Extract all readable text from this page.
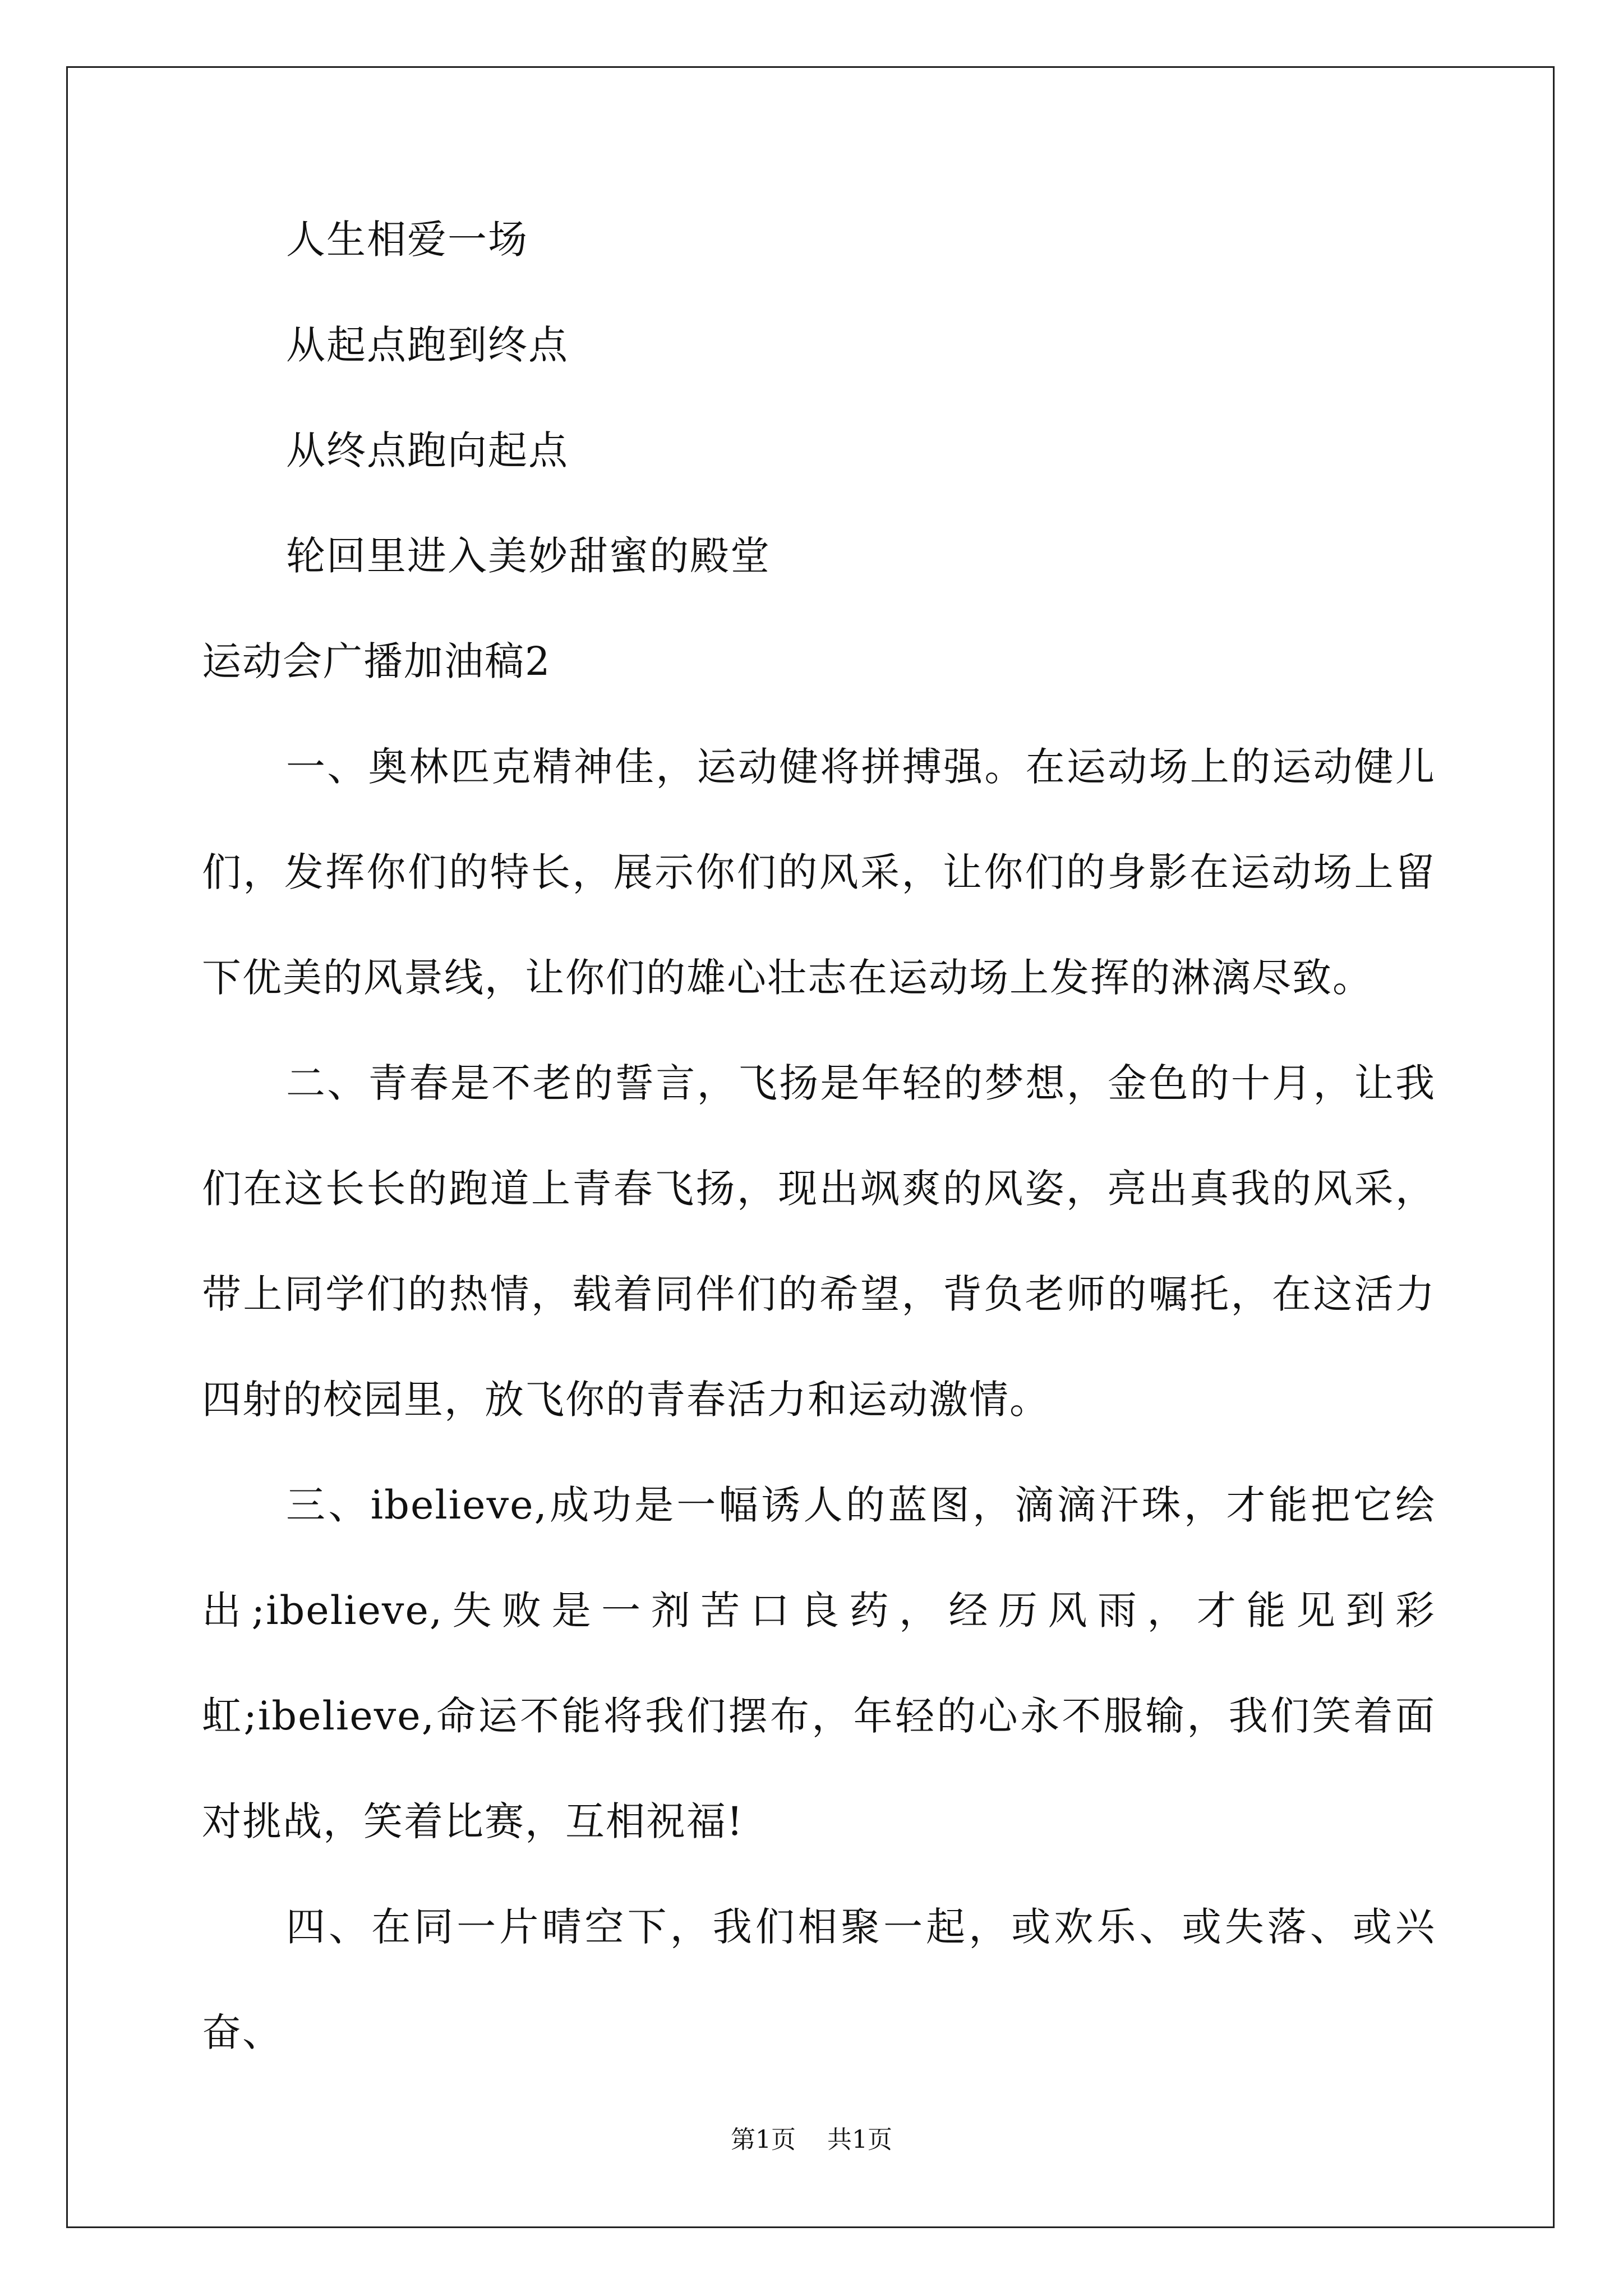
人生相爱一场
从起点跑到终点
从终点跑向起点
轮回里进入美妙甜蜜的殿堂
运动会广播加油稿2
一、奥林匹克精神佳，运动健将拼搏强。在运动场上的运动健儿们，发挥你们的特长，展示你们的风采，让你们的身影在运动场上留下优美的风景线，让你们的雄心壮志在运动场上发挥的淋漓尽致。
二、青春是不老的誓言，飞扬是年轻的梦想，金色的十月，让我们在这长长的跑道上青春飞扬，现出飒爽的风姿，亮出真我的风采，带上同学们的热情，载着同伴们的希望，背负老师的嘱托，在这活力四射的校园里，放飞你的青春活力和运动激情。
三、ibelieve,成功是一幅诱人的蓝图，滴滴汗珠，才能把它绘出;ibelieve,失败是一剂苦口良药，经历风雨，才能见到彩虹;ibelieve,命运不能将我们摆布，年轻的心永不服输，我们笑着面对挑战，笑着比赛，互相祝福!
四、在同一片晴空下，我们相聚一起，或欢乐、或失落、或兴奋、
第1页 共1页
